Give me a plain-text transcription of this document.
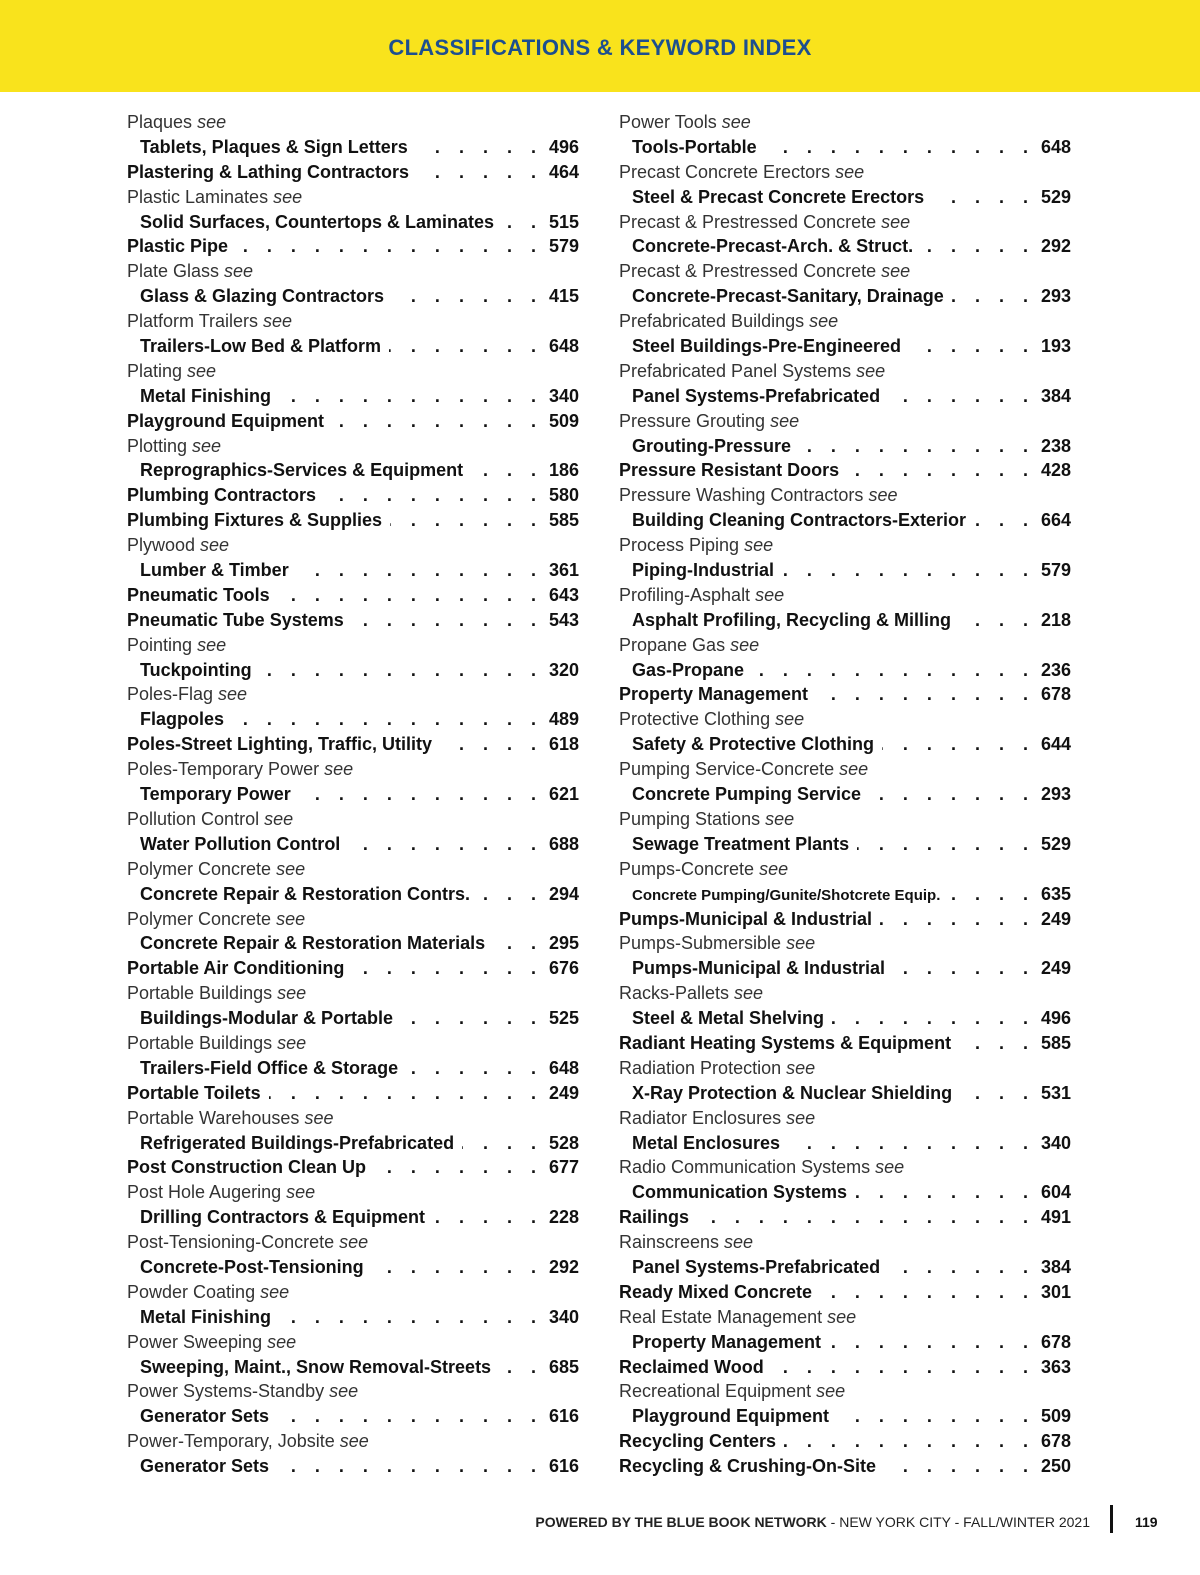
CLASSIFICATIONS & KEYWORD INDEX
Plaques see
Tablets, Plaques & Sign Letters . . .	496
Plastering & Lathing Contractors . . .	464
Plastic Laminates see
Solid Surfaces, Countertops & Laminates . . .	515
Plastic Pipe . . .	579
Plate Glass see
Glass & Glazing Contractors . . .	415
Platform Trailers see
Trailers-Low Bed & Platform . . .	648
Plating see
Metal Finishing . . .	340
Playground Equipment . . .	509
Plotting see
Reprographics-Services & Equipment . . .	186
Plumbing Contractors . . .	580
Plumbing Fixtures & Supplies . . .	585
Plywood see
Lumber & Timber . . .	361
Pneumatic Tools . . .	643
Pneumatic Tube Systems . . .	543
Pointing see
Tuckpointing . . .	320
Poles-Flag see
Flagpoles . . .	489
Poles-Street Lighting, Traffic, Utility . . .	618
Poles-Temporary Power see
Temporary Power . . .	621
Pollution Control see
Water Pollution Control . . .	688
Polymer Concrete see
Concrete Repair & Restoration Contrs. . . .	294
Polymer Concrete see
Concrete Repair & Restoration Materials . . .	295
Portable Air Conditioning . . .	676
Portable Buildings see
Buildings-Modular & Portable . . .	525
Portable Buildings see
Trailers-Field Office & Storage . . .	648
Portable Toilets . . .	249
Portable Warehouses see
Refrigerated Buildings-Prefabricated . . .	528
Post Construction Clean Up . . .	677
Post Hole Augering see
Drilling Contractors & Equipment . . .	228
Post-Tensioning-Concrete see
Concrete-Post-Tensioning . . .	292
Powder Coating see
Metal Finishing . . .	340
Power Sweeping see
Sweeping, Maint., Snow Removal-Streets . . .	685
Power Systems-Standby see
Generator Sets . . .	616
Power-Temporary, Jobsite see
Generator Sets . . .	616
Power Tools see
Tools-Portable . . .	648
Precast Concrete Erectors see
Steel & Precast Concrete Erectors . . .	529
Precast & Prestressed Concrete see
Concrete-Precast-Arch. & Struct. . . .	292
Precast & Prestressed Concrete see
Concrete-Precast-Sanitary, Drainage . . .	293
Prefabricated Buildings see
Steel Buildings-Pre-Engineered . . .	193
Prefabricated Panel Systems see
Panel Systems-Prefabricated . . .	384
Pressure Grouting see
Grouting-Pressure . . .	238
Pressure Resistant Doors . . .	428
Pressure Washing Contractors see
Building Cleaning Contractors-Exterior . . .	664
Process Piping see
Piping-Industrial . . .	579
Profiling-Asphalt see
Asphalt Profiling, Recycling & Milling . . .	218
Propane Gas see
Gas-Propane . . .	236
Property Management . . .	678
Protective Clothing see
Safety & Protective Clothing . . .	644
Pumping Service-Concrete see
Concrete Pumping Service . . .	293
Pumping Stations see
Sewage Treatment Plants . . .	529
Pumps-Concrete see
Concrete Pumping/Gunite/Shotcrete Equip. . . .	635
Pumps-Municipal & Industrial . . .	249
Pumps-Submersible see
Pumps-Municipal & Industrial . . .	249
Racks-Pallets see
Steel & Metal Shelving . . .	496
Radiant Heating Systems & Equipment . . .	585
Radiation Protection see
X-Ray Protection & Nuclear Shielding . . .	531
Radiator Enclosures see
Metal Enclosures . . .	340
Radio Communication Systems see
Communication Systems . . .	604
Railings . . .	491
Rainscreens see
Panel Systems-Prefabricated . . .	384
Ready Mixed Concrete . . .	301
Real Estate Management see
Property Management . . .	678
Reclaimed Wood . . .	363
Recreational Equipment see
Playground Equipment . . .	509
Recycling Centers . . .	678
Recycling & Crushing-On-Site . . .	250
POWERED BY THE BLUE BOOK NETWORK - NEW YORK CITY - FALL/WINTER 2021	119
